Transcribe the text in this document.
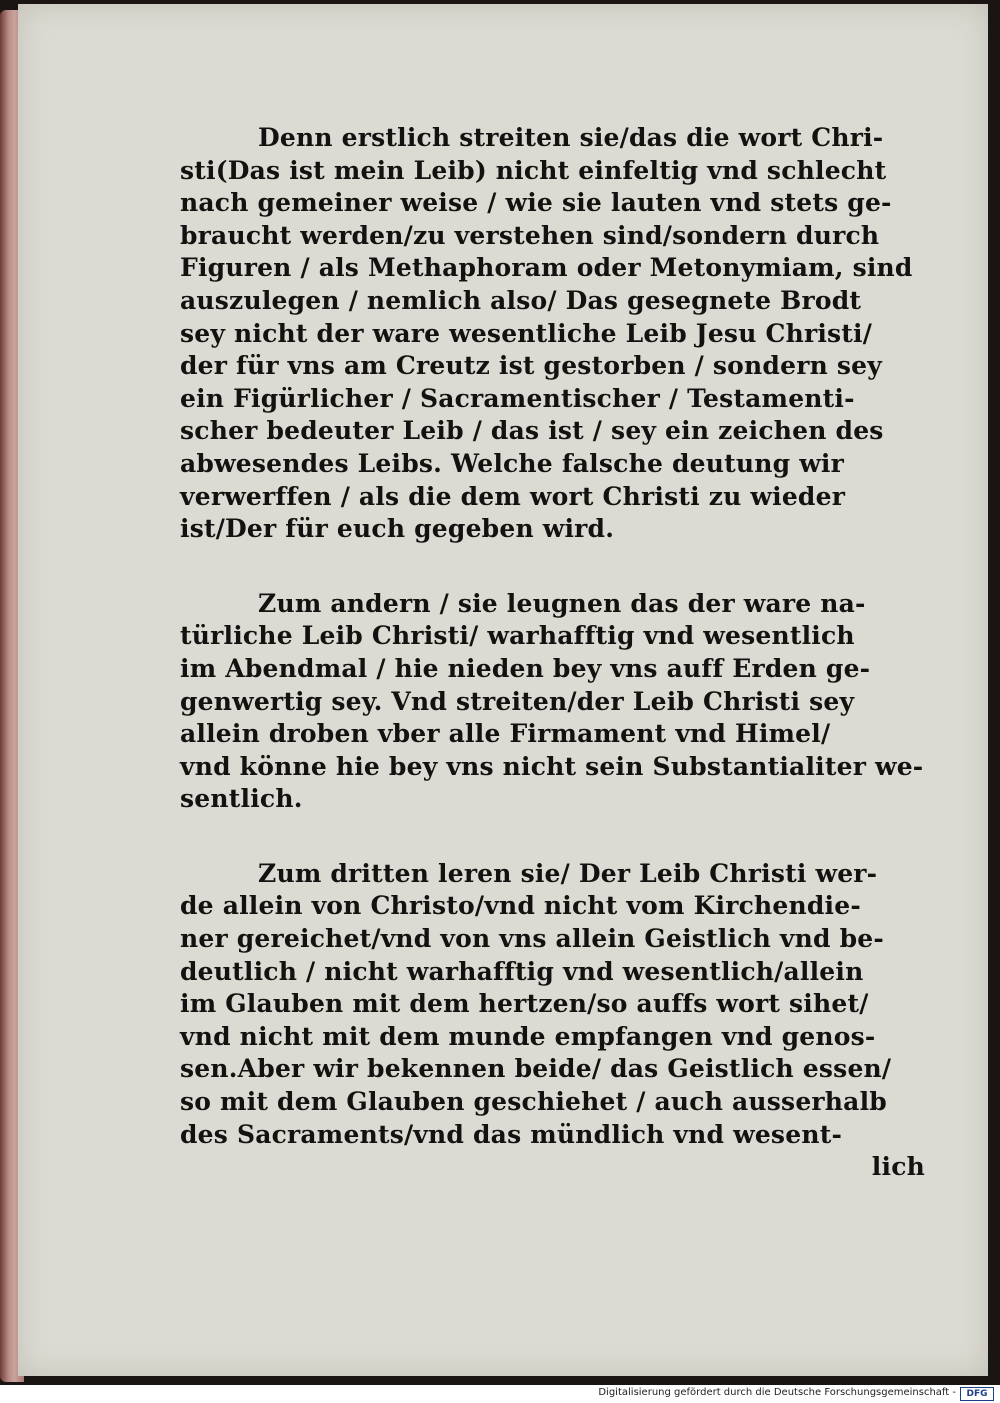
Denn erstlich streiten sie/das die wort Chri-
sti(Das ist mein Leib) nicht einfeltig vnd schlecht
nach gemeiner weise / wie sie lauten vnd stets ge-
braucht werden/zu verstehen sind/sondern durch
Figuren / als Methaphoram oder Metonymiam, sind
auszulegen / nemlich also/ Das gesegnete Brodt
sey nicht der ware wesentliche Leib Jesu Christi/
der für vns am Creutz ist gestorben / sondern sey
ein Figürlicher / Sacramentischer / Testamenti-
scher bedeuter Leib / das ist / sey ein zeichen des
abwesendes Leibs. Welche falsche deutung wir
verwerffen / als die dem wort Christi zu wieder
ist/Der für euch gegeben wird.
Zum andern / sie leugnen das der ware na-
türliche Leib Christi/ warhafftig vnd wesentlich
im Abendmal / hie nieden bey vns auff Erden ge-
genwertig sey. Vnd streiten/der Leib Christi sey
allein droben vber alle Firmament vnd Himel/
vnd könne hie bey vns nicht sein Substantialiter we-
sentlich.
Zum dritten leren sie/ Der Leib Christi wer-
de allein von Christo/vnd nicht vom Kirchendie-
ner gereichet/vnd von vns allein Geistlich vnd be-
deutlich / nicht warhafftig vnd wesentlich/allein
im Glauben mit dem hertzen/so auffs wort sihet/
vnd nicht mit dem munde empfangen vnd genos-
sen.Aber wir bekennen beide/ das Geistlich essen/
so mit dem Glauben geschiehet / auch ausserhalb
des Sacraments/vnd das mündlich vnd wesent-
lich
Digitalisierung gefördert durch die Deutsche Forschungsgemeinschaft -	DFG
